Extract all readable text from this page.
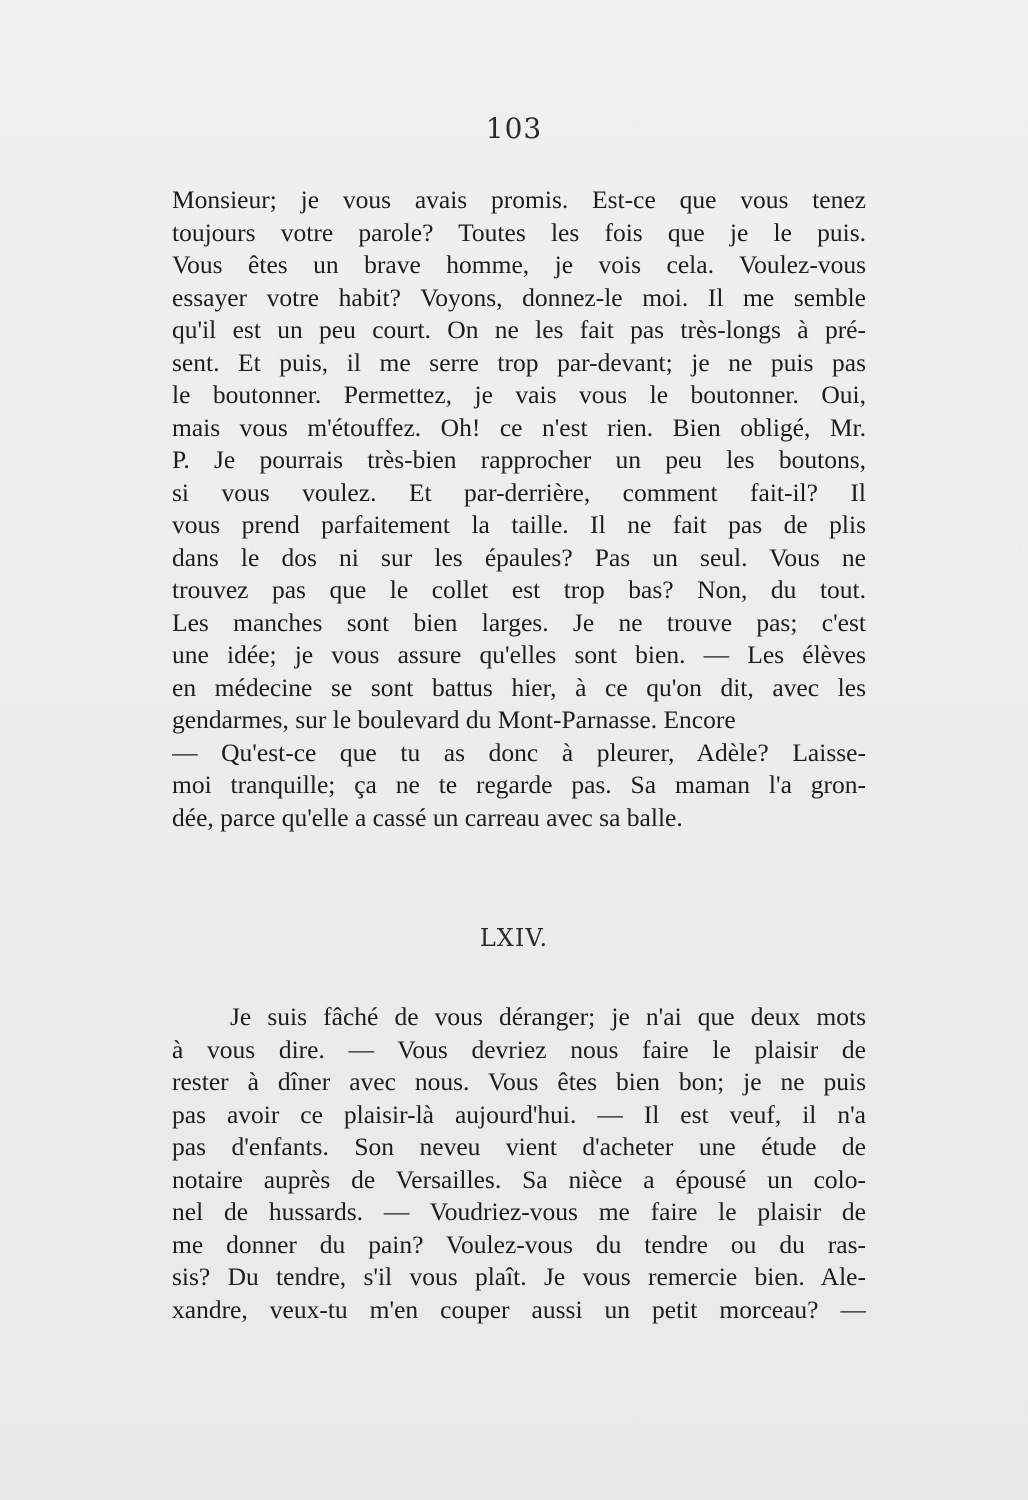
103
Monsieur; je vous avais promis. Est-ce que vous tenez
toujours votre parole? Toutes les fois que je le puis.
Vous êtes un brave homme, je vois cela. Voulez-vous
essayer votre habit? Voyons, donnez-le moi. Il me semble
qu'il est un peu court. On ne les fait pas très-longs à pré-
sent. Et puis, il me serre trop par-devant; je ne puis pas
le boutonner. Permettez, je vais vous le boutonner. Oui,
mais vous m'étouffez. Oh! ce n'est rien. Bien obligé, Mr.
P. Je pourrais très-bien rapprocher un peu les boutons,
si vous voulez. Et par-derrière, comment fait-il? Il
vous prend parfaitement la taille. Il ne fait pas de plis
dans le dos ni sur les épaules? Pas un seul. Vous ne
trouvez pas que le collet est trop bas? Non, du tout.
Les manches sont bien larges. Je ne trouve pas; c'est
une idée; je vous assure qu'elles sont bien. — Les élèves
en médecine se sont battus hier, à ce qu'on dit, avec les
gendarmes, sur le boulevard du Mont-Parnasse. Encore
— Qu'est-ce que tu as donc à pleurer, Adèle? Laisse-
moi tranquille; ça ne te regarde pas. Sa maman l'a gron-
dée, parce qu'elle a cassé un carreau avec sa balle.
LXIV.
Je suis fâché de vous déranger; je n'ai que deux mots
à vous dire. — Vous devriez nous faire le plaisir de
rester à dîner avec nous. Vous êtes bien bon; je ne puis
pas avoir ce plaisir-là aujourd'hui. — Il est veuf, il n'a
pas d'enfants. Son neveu vient d'acheter une étude de
notaire auprès de Versailles. Sa nièce a épousé un colo-
nel de hussards. — Voudriez-vous me faire le plaisir de
me donner du pain? Voulez-vous du tendre ou du ras-
sis? Du tendre, s'il vous plaît. Je vous remercie bien. Ale-
xandre, veux-tu m'en couper aussi un petit morceau? —
